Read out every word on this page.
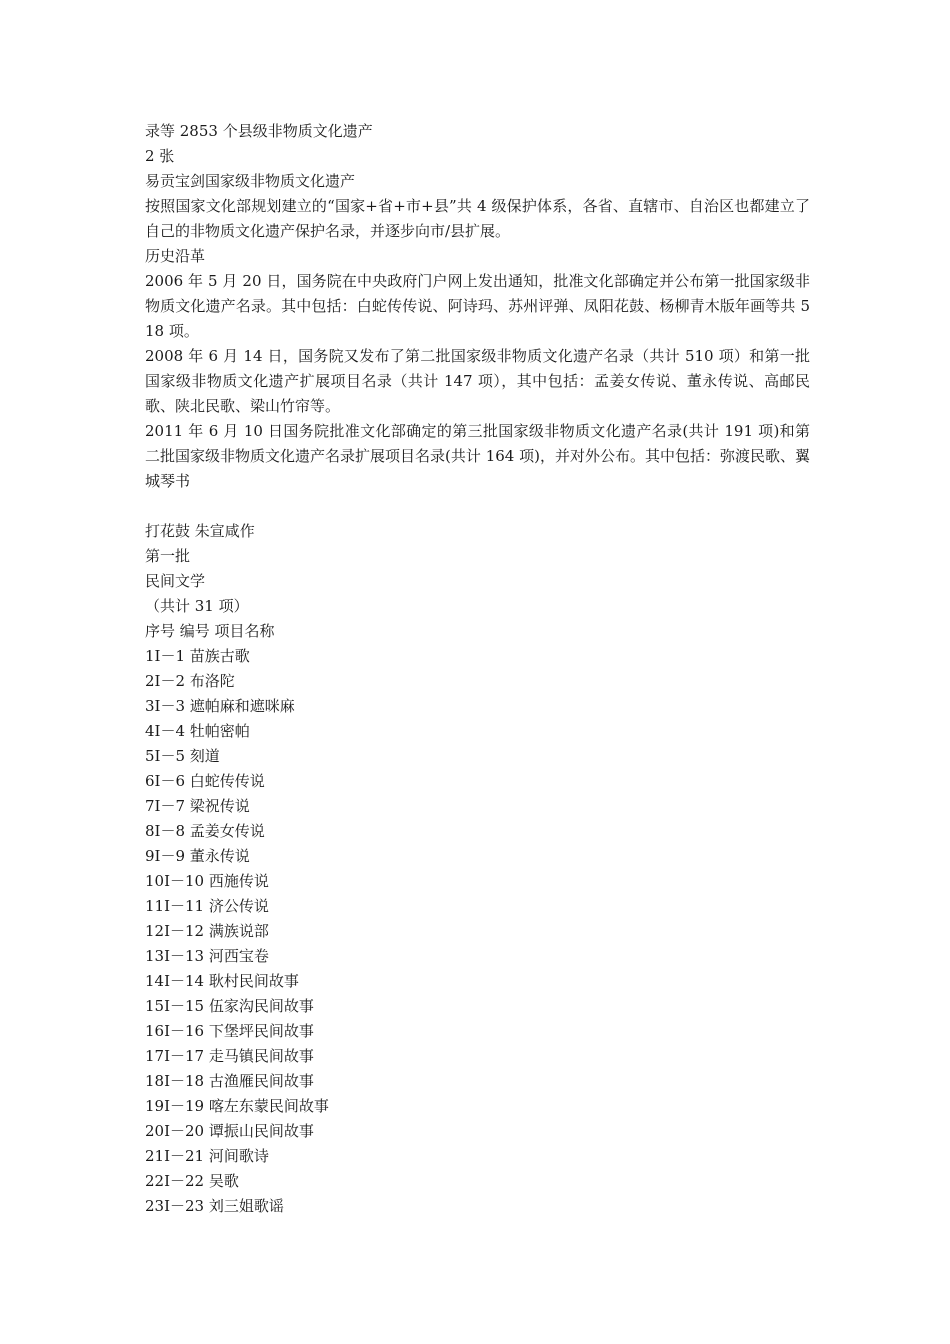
录等 2853 个县级非物质文化遗产

2 张

易贡宝剑国家级非物质文化遗产

按照国家文化部规划建立的“国家+省+市+县”共 4 级保护体系，各省、直辖市、自治区也都建立了自己的非物质文化遗产保护名录，并逐步向市/县扩展。

历史沿革

2006 年 5 月 20 日，国务院在中央政府门户网上发出通知，批准文化部确定并公布第一批国家级非物质文化遗产名录。其中包括：白蛇传传说、阿诗玛、苏州评弹、凤阳花鼓、杨柳青木版年画等共 518 项。

2008 年 6 月 14 日，国务院又发布了第二批国家级非物质文化遗产名录（共计 510 项）和第一批国家级非物质文化遗产扩展项目名录（共计 147 项），其中包括：孟姜女传说、董永传说、高邮民歌、陕北民歌、梁山竹帘等。

2011 年 6 月 10 日国务院批准文化部确定的第三批国家级非物质文化遗产名录(共计 191 项)和第二批国家级非物质文化遗产名录扩展项目名录(共计 164 项)，并对外公布。其中包括：弥渡民歌、翼城琴书

打花鼓 朱宣咸作

第一批

民间文学

（共计 31 项）

序号 编号 项目名称

1Ⅰ－1 苗族古歌
2Ⅰ－2 布洛陀
3Ⅰ－3 遮帕麻和遮咪麻
4Ⅰ－4 牡帕密帕
5Ⅰ－5 刻道
6Ⅰ－6 白蛇传传说
7Ⅰ－7 梁祝传说
8Ⅰ－8 孟姜女传说
9Ⅰ－9 董永传说
10Ⅰ－10 西施传说
11Ⅰ－11 济公传说
12Ⅰ－12 满族说部
13Ⅰ－13 河西宝卷
14Ⅰ－14 耿村民间故事
15Ⅰ－15 伍家沟民间故事
16Ⅰ－16 下堡坪民间故事
17Ⅰ－17 走马镇民间故事
18Ⅰ－18 古渔雁民间故事
19Ⅰ－19 喀左东蒙民间故事
20Ⅰ－20 谭振山民间故事
21Ⅰ－21 河间歌诗
22Ⅰ－22 吴歌
23Ⅰ－23 刘三姐歌谣
